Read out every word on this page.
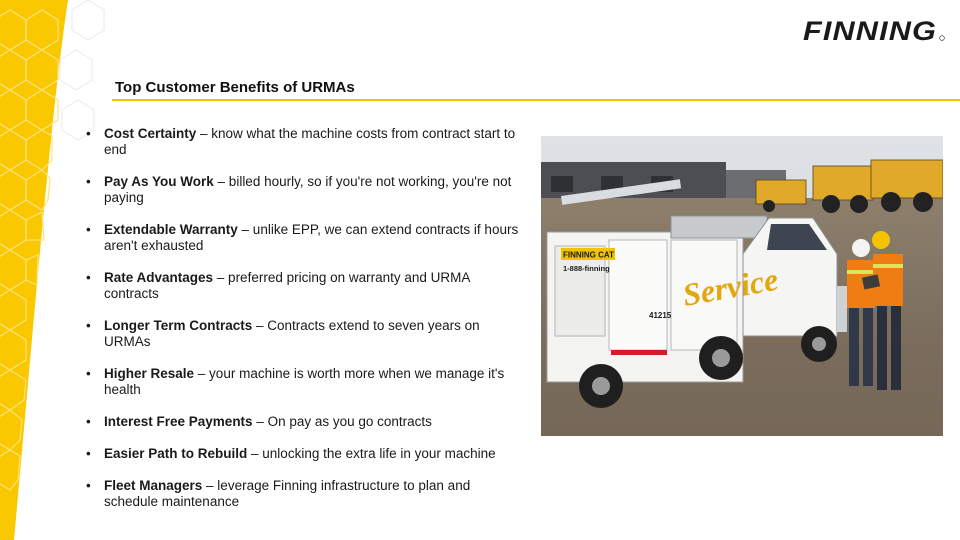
FINNING
Top Customer Benefits of URMAs
• Cost Certainty – know what the machine costs from contract start to end
• Pay As You Work – billed hourly, so if you're not working, you're not paying
• Extendable Warranty – unlike EPP, we can extend contracts if hours aren't exhausted
• Rate Advantages – preferred pricing on warranty and URMA contracts
• Longer Term Contracts – Contracts extend to seven years on URMAs
• Higher Resale – your machine is worth more when we manage it's health
• Interest Free Payments – On pay as you go contracts
• Easier Path to Rebuild – unlocking the extra life in your machine
• Fleet Managers – leverage Finning infrastructure to plan and schedule maintenance
FINNING CAT
1-888-finning Service
41215
